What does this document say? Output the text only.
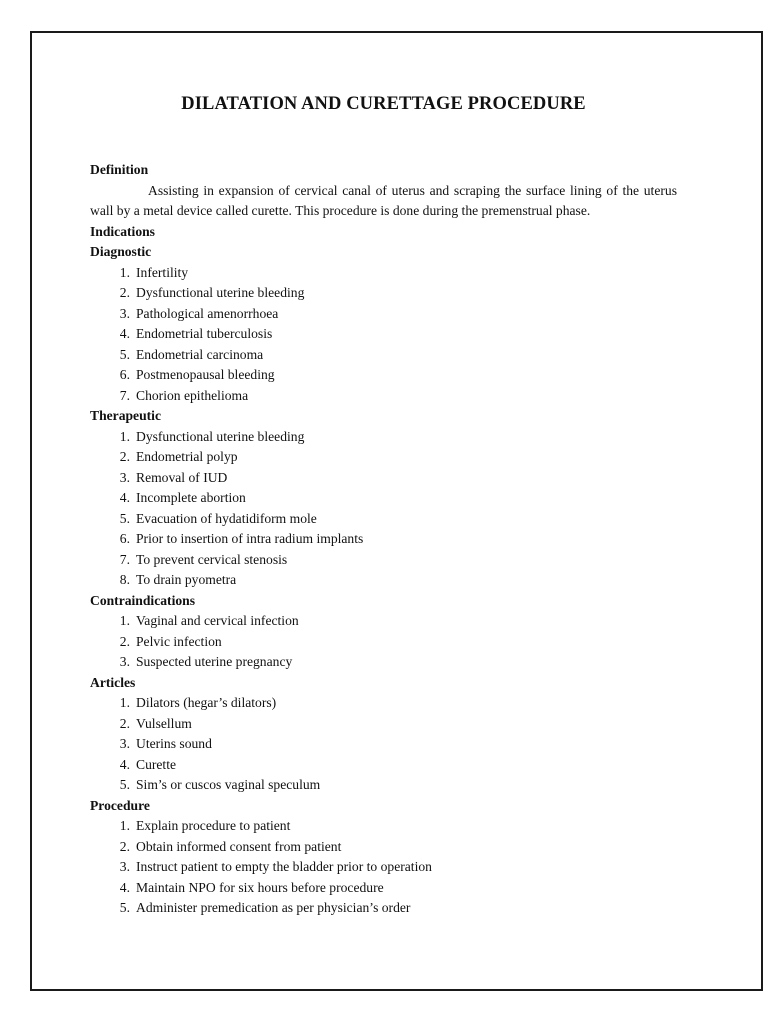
DILATATION AND CURETTAGE PROCEDURE
Definition
Assisting in expansion of cervical canal of uterus and scraping the surface lining of the uterus wall by a metal device called curette. This procedure is done during the premenstrual phase.
Indications
Diagnostic
1. Infertility
2. Dysfunctional uterine bleeding
3. Pathological amenorrhoea
4. Endometrial tuberculosis
5. Endometrial carcinoma
6. Postmenopausal bleeding
7. Chorion epithelioma
Therapeutic
1. Dysfunctional uterine bleeding
2. Endometrial polyp
3. Removal of IUD
4. Incomplete abortion
5. Evacuation of hydatidiform mole
6. Prior to insertion of intra radium implants
7. To prevent cervical stenosis
8. To drain pyometra
Contraindications
1. Vaginal and cervical infection
2. Pelvic infection
3. Suspected uterine pregnancy
Articles
1. Dilators (hegar’s dilators)
2. Vulsellum
3. Uterins sound
4. Curette
5. Sim’s or cuscos vaginal speculum
Procedure
1. Explain procedure to patient
2. Obtain informed consent from patient
3. Instruct patient to empty the bladder prior to operation
4. Maintain NPO for six hours before procedure
5. Administer premedication as per physician’s order
